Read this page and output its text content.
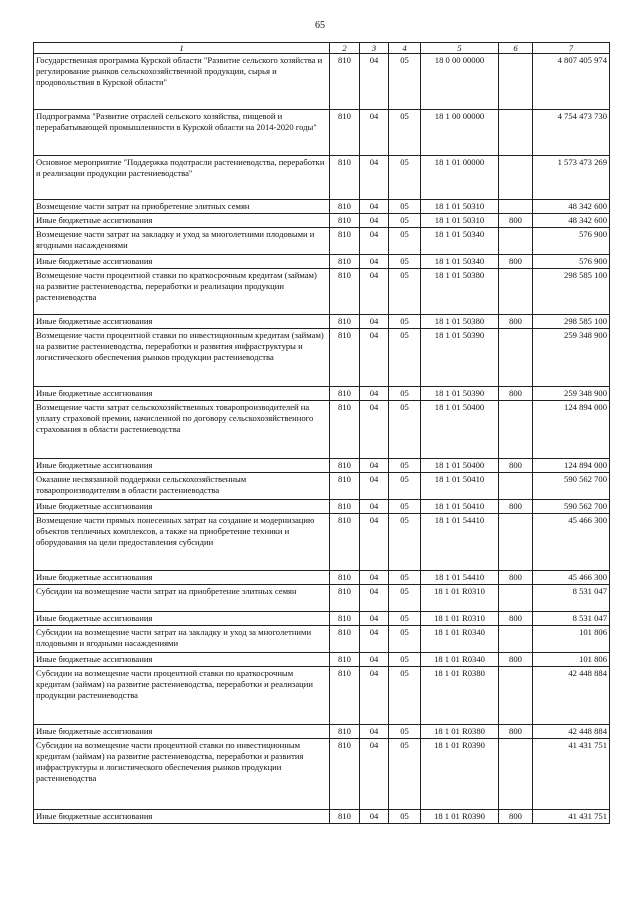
65
1	2	3	4	5	6	7
Государственная программа Курской области "Развитие сельского хозяйства и регулирование рынков сельскохозяйственной продукции, сырья и продовольствия в Курской области"	810	04	05	18 0 00 00000		4 807 405 974
Подпрограмма "Развитие отраслей сельского хозяйства, пищевой и перерабатывающей промышленности в Курской области на 2014-2020 годы"	810	04	05	18 1 00 00000		4 754 473 730
Основное мероприятие "Поддержка подотрасли растениеводства, переработки и реализации продукции растениеводства"	810	04	05	18 1 01 00000		1 573 473 269
Возмещение части затрат на приобретение элитных семян	810	04	05	18 1 01 50310		48 342 600
Иные бюджетные ассигнования	810	04	05	18 1 01 50310	800	48 342 600
Возмещение части затрат на закладку и уход за многолетними плодовыми и ягодными насаждениями	810	04	05	18 1 01 50340		576 900
Иные бюджетные ассигнования	810	04	05	18 1 01 50340	800	576 900
Возмещение части процентной ставки по краткосрочным кредитам (займам) на развитие растениеводства, переработки и реализации продукции растениеводства	810	04	05	18 1 01 50380		298 585 100
Иные бюджетные ассигнования	810	04	05	18 1 01 50380	800	298 585 100
Возмещение части процентной ставки по инвестиционным кредитам (займам) на развитие растениеводства, переработки и развития инфраструктуры и логистического обеспечения рынков продукции растениеводства	810	04	05	18 1 01 50390		259 348 900
Иные бюджетные ассигнования	810	04	05	18 1 01 50390	800	259 348 900
Возмещение части затрат сельскохозяйственных товаропроизводителей на уплату страховой премии, начисленной по договору сельскохозяйственного страхования в области растениеводства	810	04	05	18 1 01 50400		124 894 000
Иные бюджетные ассигнования	810	04	05	18 1 01 50400	800	124 894 000
Оказание несвязанной поддержки сельскохозяйственным товаропроизводителям в области растениеводства	810	04	05	18 1 01 50410		590 562 700
Иные бюджетные ассигнования	810	04	05	18 1 01 50410	800	590 562 700
Возмещение части прямых понесенных затрат на создание и модернизацию объектов тепличных комплексов, а также на приобретение техники и оборудования на цели предоставления субсидии	810	04	05	18 1 01 54410		45 466 300
Иные бюджетные ассигнования	810	04	05	18 1 01 54410	800	45 466 300
Субсидии на возмещение части затрат на приобретение элитных семян	810	04	05	18 1 01 R0310		8 531 047
Иные бюджетные ассигнования	810	04	05	18 1 01 R0310	800	8 531 047
Субсидии на возмещение части затрат на закладку и уход за многолетними плодовыми и ягодными насаждениями	810	04	05	18 1 01 R0340		101 806
Иные бюджетные ассигнования	810	04	05	18 1 01 R0340	800	101 806
Субсидии на возмещение части процентной ставки по краткосрочным кредитам (займам) на развитие растениеводства, переработки и реализации продукции растениеводства	810	04	05	18 1 01 R0380		42 448 884
Иные бюджетные ассигнования	810	04	05	18 1 01 R0380	800	42 448 884
Субсидии на возмещение части процентной ставки по инвестиционным кредитам (займам) на развитие растениеводства, переработки и развития инфраструктуры и логистического обеспечения рынков продукции растениеводства	810	04	05	18 1 01 R0390		41 431 751
Иные бюджетные ассигнования	810	04	05	18 1 01 R0390	800	41 431 751
